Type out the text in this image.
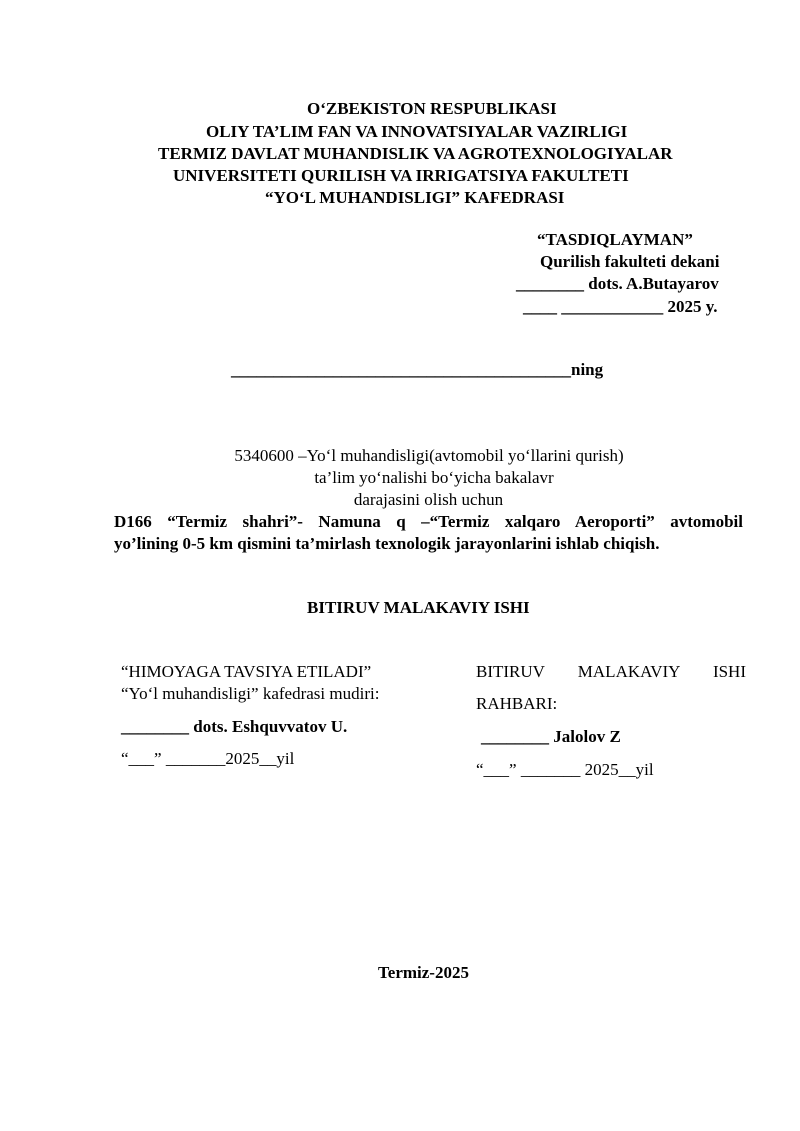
O‘ZBEKISTON RESPUBLIKASI
OLIY TA’LIM FAN VA INNOVATSIYALAR VAZIRLIGI
TERMIZ DAVLAT MUHANDISLIK VA AGROTEXNOLOGIYALAR
UNIVERSITETI QURILISH VA IRRIGATSIYA FAKULTETI
“YO‘L MUHANDISLIGI” KAFEDRASI
“TASDIQLAYMAN”
Qurilish fakulteti dekani
________ dots. A.Butayarov
____ ____________ 2025 y.
________________________________________ning
5340600 –Yo‘l muhandisligi(avtomobil yo‘llarini qurish)
ta’lim yo‘nalishi bo‘yicha bakalavr
darajasini olish uchun
D166 “Termiz shahri”- Namuna q –“Termiz xalqaro Aeroporti” avtomobil
yo’lining 0-5 km qismini ta’mirlash texnologik jarayonlarini ishlab chiqish.
BITIRUV MALAKAVIY ISHI
“HIMOYAGA TAVSIYA ETILADI”
“Yo‘l muhandisligi” kafedrasi mudiri:
________ dots. Eshquvvatov U.
“___” _______2025__yil
BITIRUV MALAKAVIY ISHI
RAHBARI:
________ Jalolov Z
“___” _______ 2025__yil
Termiz-2025
